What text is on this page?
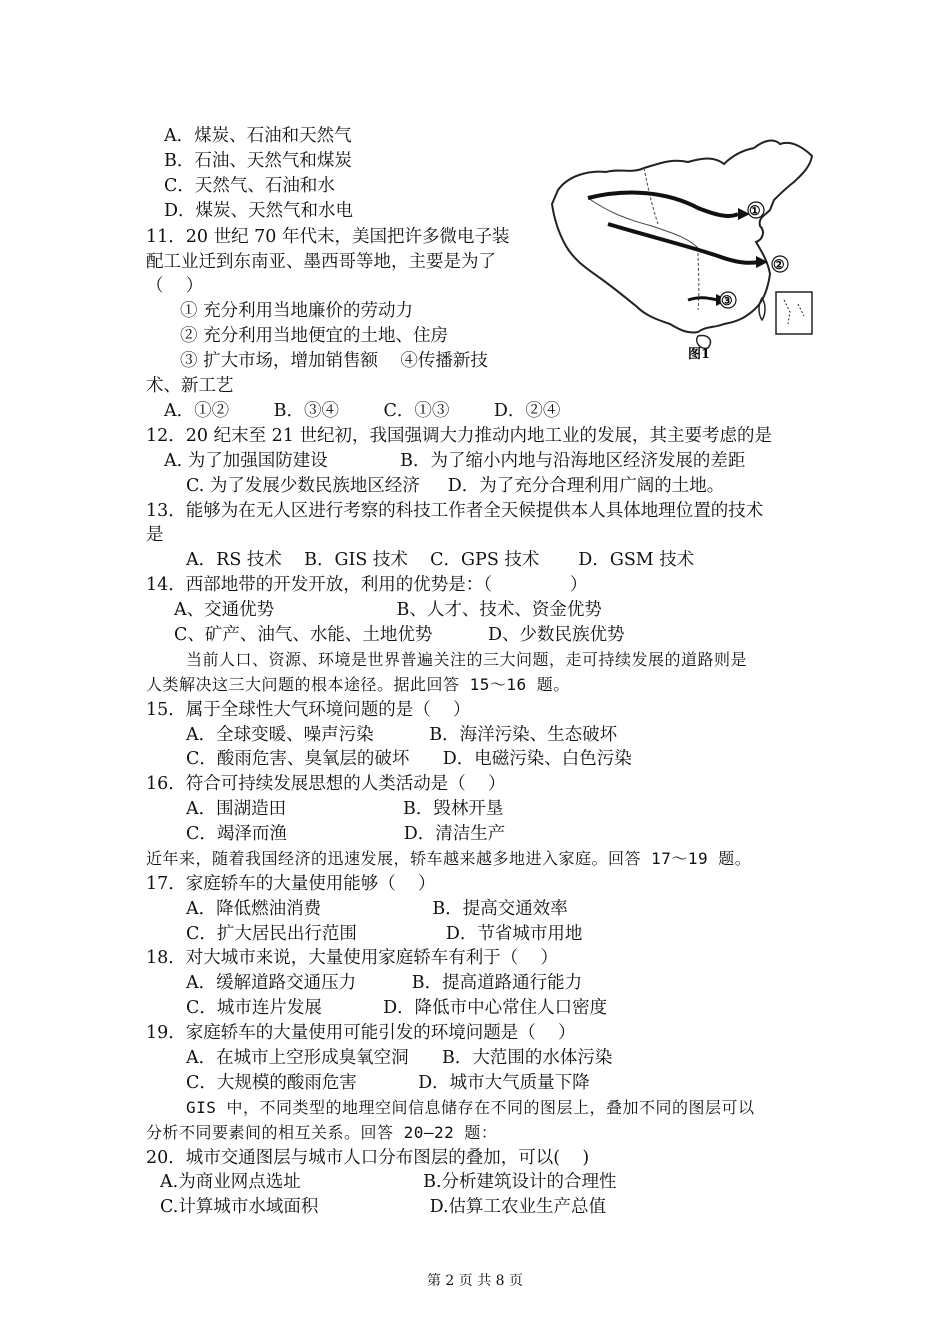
A．煤炭、石油和天然气
B．石油、天然气和煤炭
C．天然气、石油和水
D．煤炭、天然气和水电
11．20 世纪 70 年代末，美国把许多微电子装
配工业迁到东南亚、墨西哥等地，主要是为了
（    ）
① 充分利用当地廉价的劳动力
② 充分利用当地便宜的土地、住房
③ 扩大市场，增加销售额    ④传播新技
术、新工艺
A．①②        B．③④        C．①③        D．②④
12．20 纪末至 21 世纪初，我国强调大力推动内地工业的发展，其主要考虑的是
A. 为了加强国防建设             B．为了缩小内地与沿海地区经济发展的差距
C. 为了发展少数民族地区经济     D．为了充分合理利用广阔的土地。
13．能够为在无人区进行考察的科技工作者全天候提供本人具体地理位置的技术
是
A．RS 技术    B．GIS 技术    C．GPS 技术       D．GSM 技术
14．西部地带的开发开放，利用的优势是：（              ）
A、交通优势                      B、人才、技术、资金优势
C、矿产、油气、水能、土地优势          D、少数民族优势
当前人口、资源、环境是世界普遍关注的三大问题，走可持续发展的道路则是
人类解决这三大问题的根本途径。据此回答 15～16 题。
15．属于全球性大气环境问题的是（    ）
A．全球变暖、噪声污染          B．海洋污染、生态破坏
C．酸雨危害、臭氧层的破坏      D．电磁污染、白色污染
16．符合可持续发展思想的人类活动是（    ）
A．围湖造田                     B．毁林开垦
C．竭泽而渔                     D．清洁生产
近年来，随着我国经济的迅速发展，轿车越来越多地进入家庭。回答 17～19 题。
17．家庭轿车的大量使用能够（    ）
A．降低燃油消费                    B．提高交通效率
C．扩大居民出行范围                D．节省城市用地
18．对大城市来说，大量使用家庭轿车有利于（    ）
A．缓解道路交通压力          B．提高道路通行能力
C．城市连片发展           D．降低市中心常住人口密度
19．家庭轿车的大量使用可能引发的环境问题是（    ）
A．在城市上空形成臭氧空洞      B．大范围的水体污染
C．大规模的酸雨危害           D．城市大气质量下降
GIS 中，不同类型的地理空间信息储存在不同的图层上，叠加不同的图层可以
分析不同要素间的相互关系。回答 20—22 题：
20．城市交通图层与城市人口分布图层的叠加，可以(    )
A.为商业网点选址                      B.分析建筑设计的合理性
C.计算城市水域面积                    D.估算工农业生产总值
①
②
③
图1
第 2 页 共 8 页
